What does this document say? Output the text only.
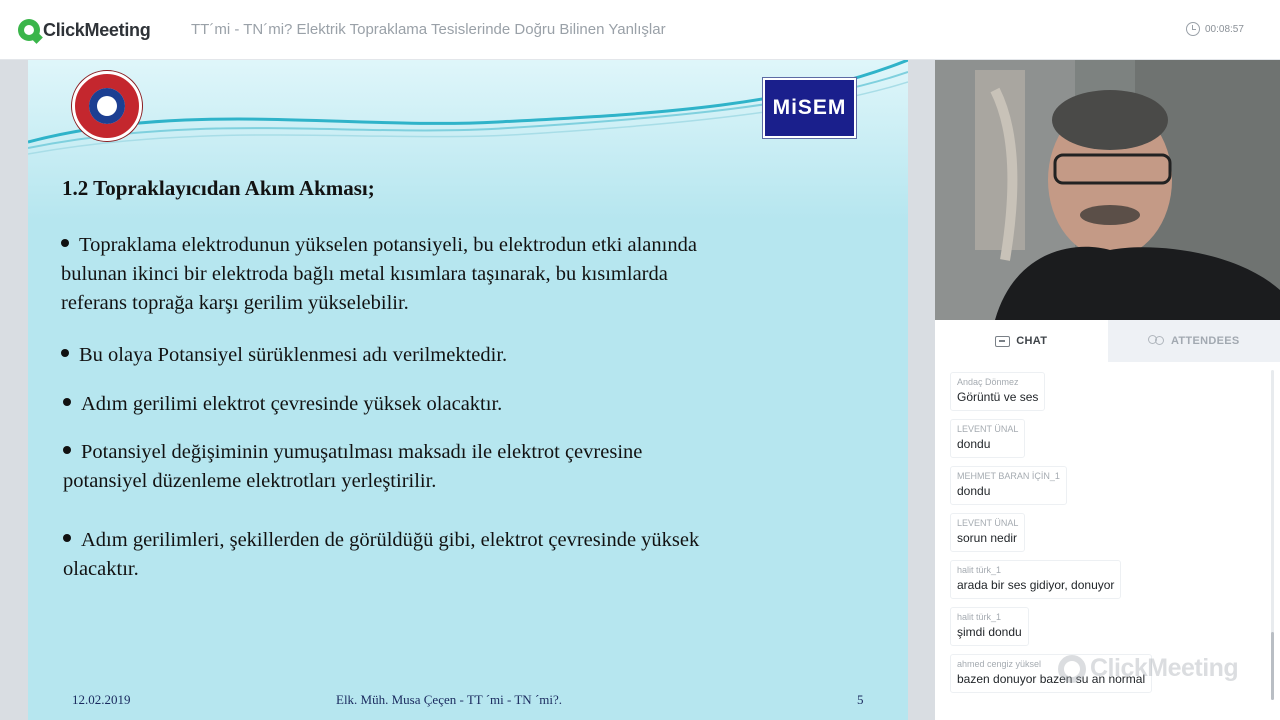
ClickMeeting	TT´mi - TN´mi? Elektrik Topraklama Tesislerinde Doğru Bilinen Yanlışlar	00:08:57
MiSEM
1.2 Topraklayıcıdan Akım Akması;
Topraklama elektrodunun yükselen potansiyeli, bu elektrodun etki alanında
bulunan ikinci bir elektroda bağlı metal kısımlara taşınarak, bu kısımlarda
referans toprağa karşı gerilim yükselebilir.
Bu olaya Potansiyel sürüklenmesi adı verilmektedir.
Adım gerilimi elektrot çevresinde yüksek olacaktır.
Potansiyel değişiminin yumuşatılması maksadı ile elektrot çevresine
potansiyel düzenleme elektrotları yerleştirilir.
Adım gerilimleri, şekillerden de görüldüğü gibi, elektrot çevresinde yüksek
olacaktır.
12.02.2019	Elk. Müh. Musa Çeçen - TT ´mi - TN ´mi?.	5
CHAT	ATTENDEES
Andaç Dönmez
Görüntü ve ses
LEVENT ÜNAL
dondu
MEHMET BARAN İÇİN_1
dondu
LEVENT ÜNAL
sorun nedir
halit türk_1
arada bir ses gidiyor, donuyor
halit türk_1
şimdi dondu
ahmed cengiz yüksel
bazen donuyor bazen su an normal
ClickMeeting
